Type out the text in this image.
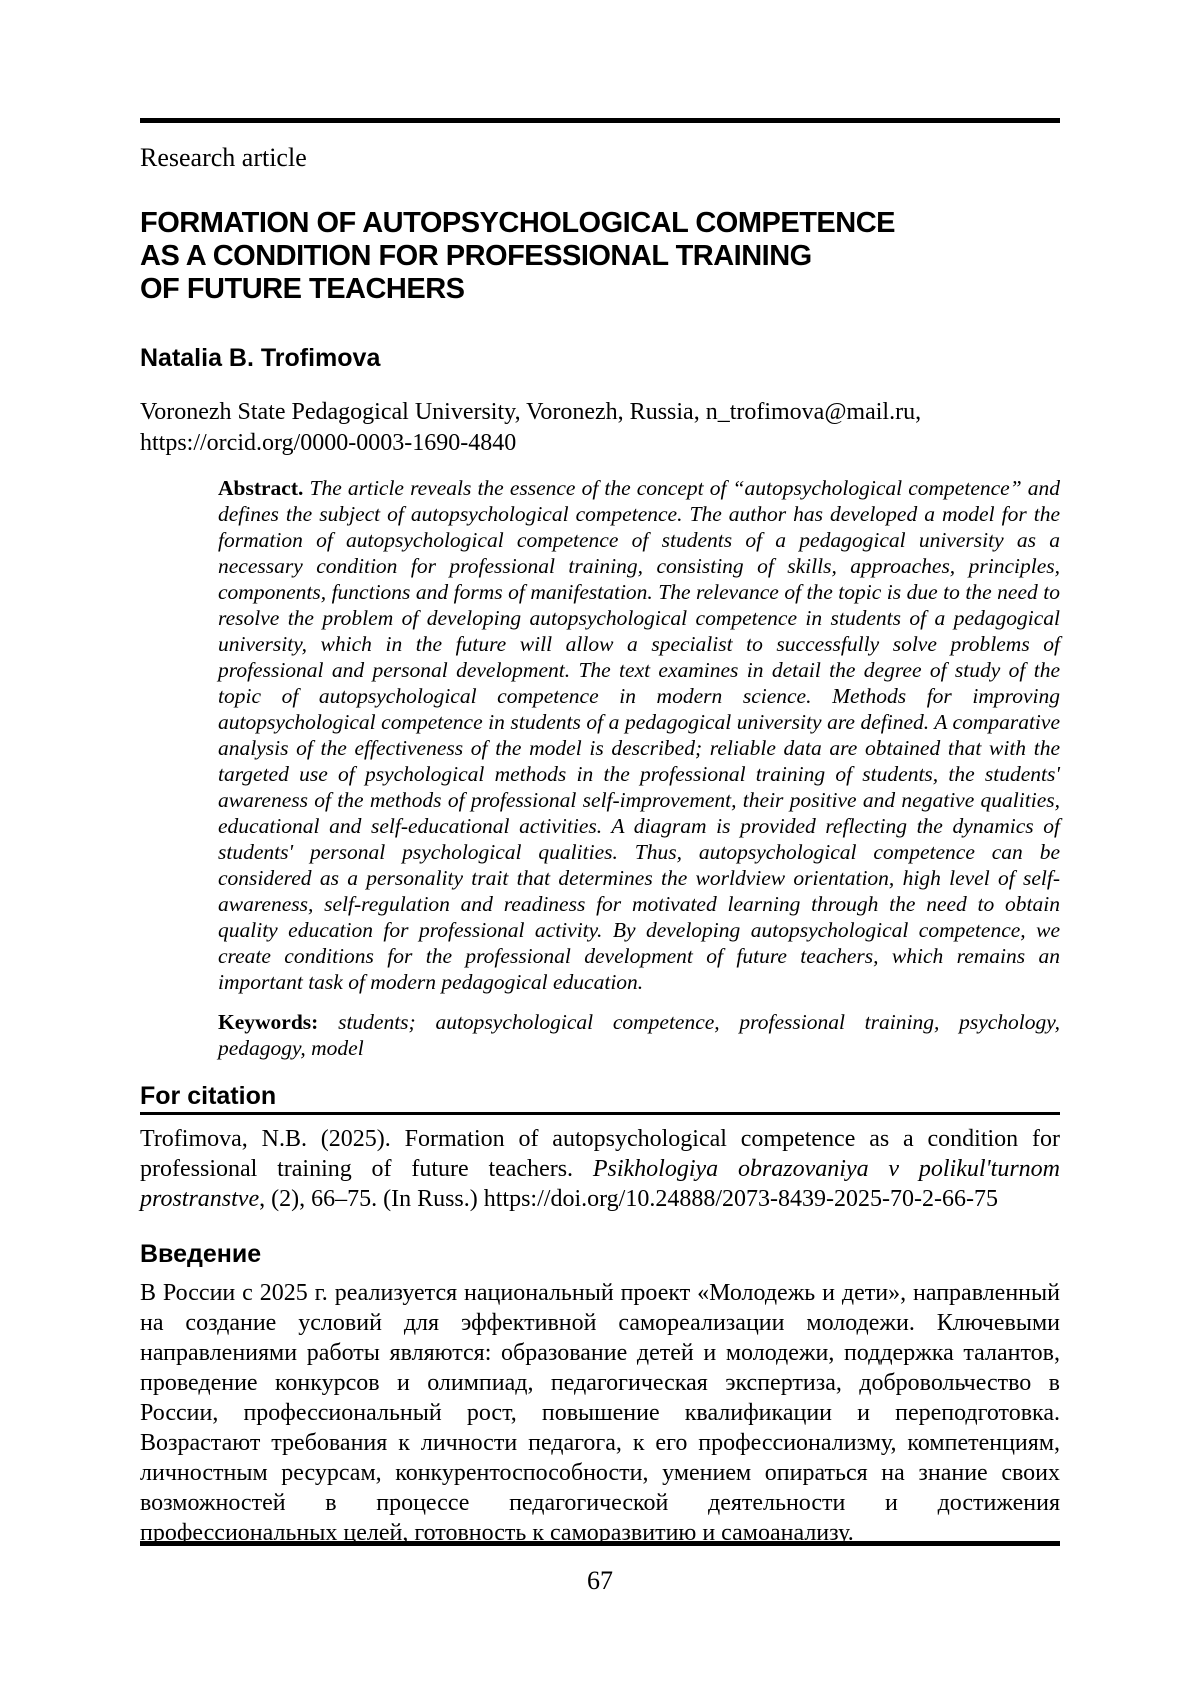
Research article
FORMATION OF AUTOPSYCHOLOGICAL COMPETENCE
AS A CONDITION FOR PROFESSIONAL TRAINING
OF FUTURE TEACHERS
Natalia B. Trofimova

Voronezh State Pedagogical University, Voronezh, Russia, n_trofimova@mail.ru, https://orcid.org/0000-0003-1690-4840

Abstract. The article reveals the essence of the concept of “autopsychological competence” and defines the subject of autopsychological competence. The author has developed a model for the formation of autopsychological competence of students of a pedagogical university as a necessary condition for professional training, consisting of skills, approaches, principles, components, functions and forms of manifestation. The relevance of the topic is due to the need to resolve the problem of developing autopsychological competence in students of a pedagogical university, which in the future will allow a specialist to successfully solve problems of professional and personal development. The text examines in detail the degree of study of the topic of autopsychological competence in modern science. Methods for improving autopsychological competence in students of a pedagogical university are defined. A comparative analysis of the effectiveness of the model is described; reliable data are obtained that with the targeted use of psychological methods in the professional training of students, the students' awareness of the methods of professional self-improvement, their positive and negative qualities, educational and self-educational activities. A diagram is provided reflecting the dynamics of students' personal psychological qualities. Thus, autopsychological competence can be considered as a personality trait that determines the worldview orientation, high level of self-awareness, self-regulation and readiness for motivated learning through the need to obtain quality education for professional activity. By developing autopsychological competence, we create conditions for the professional development of future teachers, which remains an important task of modern pedagogical education.

Keywords: students; autopsychological competence, professional training, psychology, pedagogy, model

For citation

Trofimova, N.B. (2025). Formation of autopsychological competence as a condition for professional training of future teachers. Psikhologiya obrazovaniya v polikul'turnom prostranstve, (2), 66–75. (In Russ.) https://doi.org/10.24888/2073-8439-2025-70-2-66-75

Введение

В России с 2025 г. реализуется национальный проект «Молодежь и дети», направленный на создание условий для эффективной самореализации молодежи. Ключевыми направлениями работы являются: образование детей и молодежи, поддержка талантов, проведение конкурсов и олимпиад, педагогическая экспертиза, добровольчество в России, профессиональный рост, повышение квалификации и переподготовка. Возрастают требования к личности педагога, к его профессионализму, компетенциям, личностным ресурсам, конкурентоспособности, умением опираться на знание своих возможностей в процессе педагогической деятельности и достижения профессиональных целей, готовность к саморазвитию и самоанализу.

67
